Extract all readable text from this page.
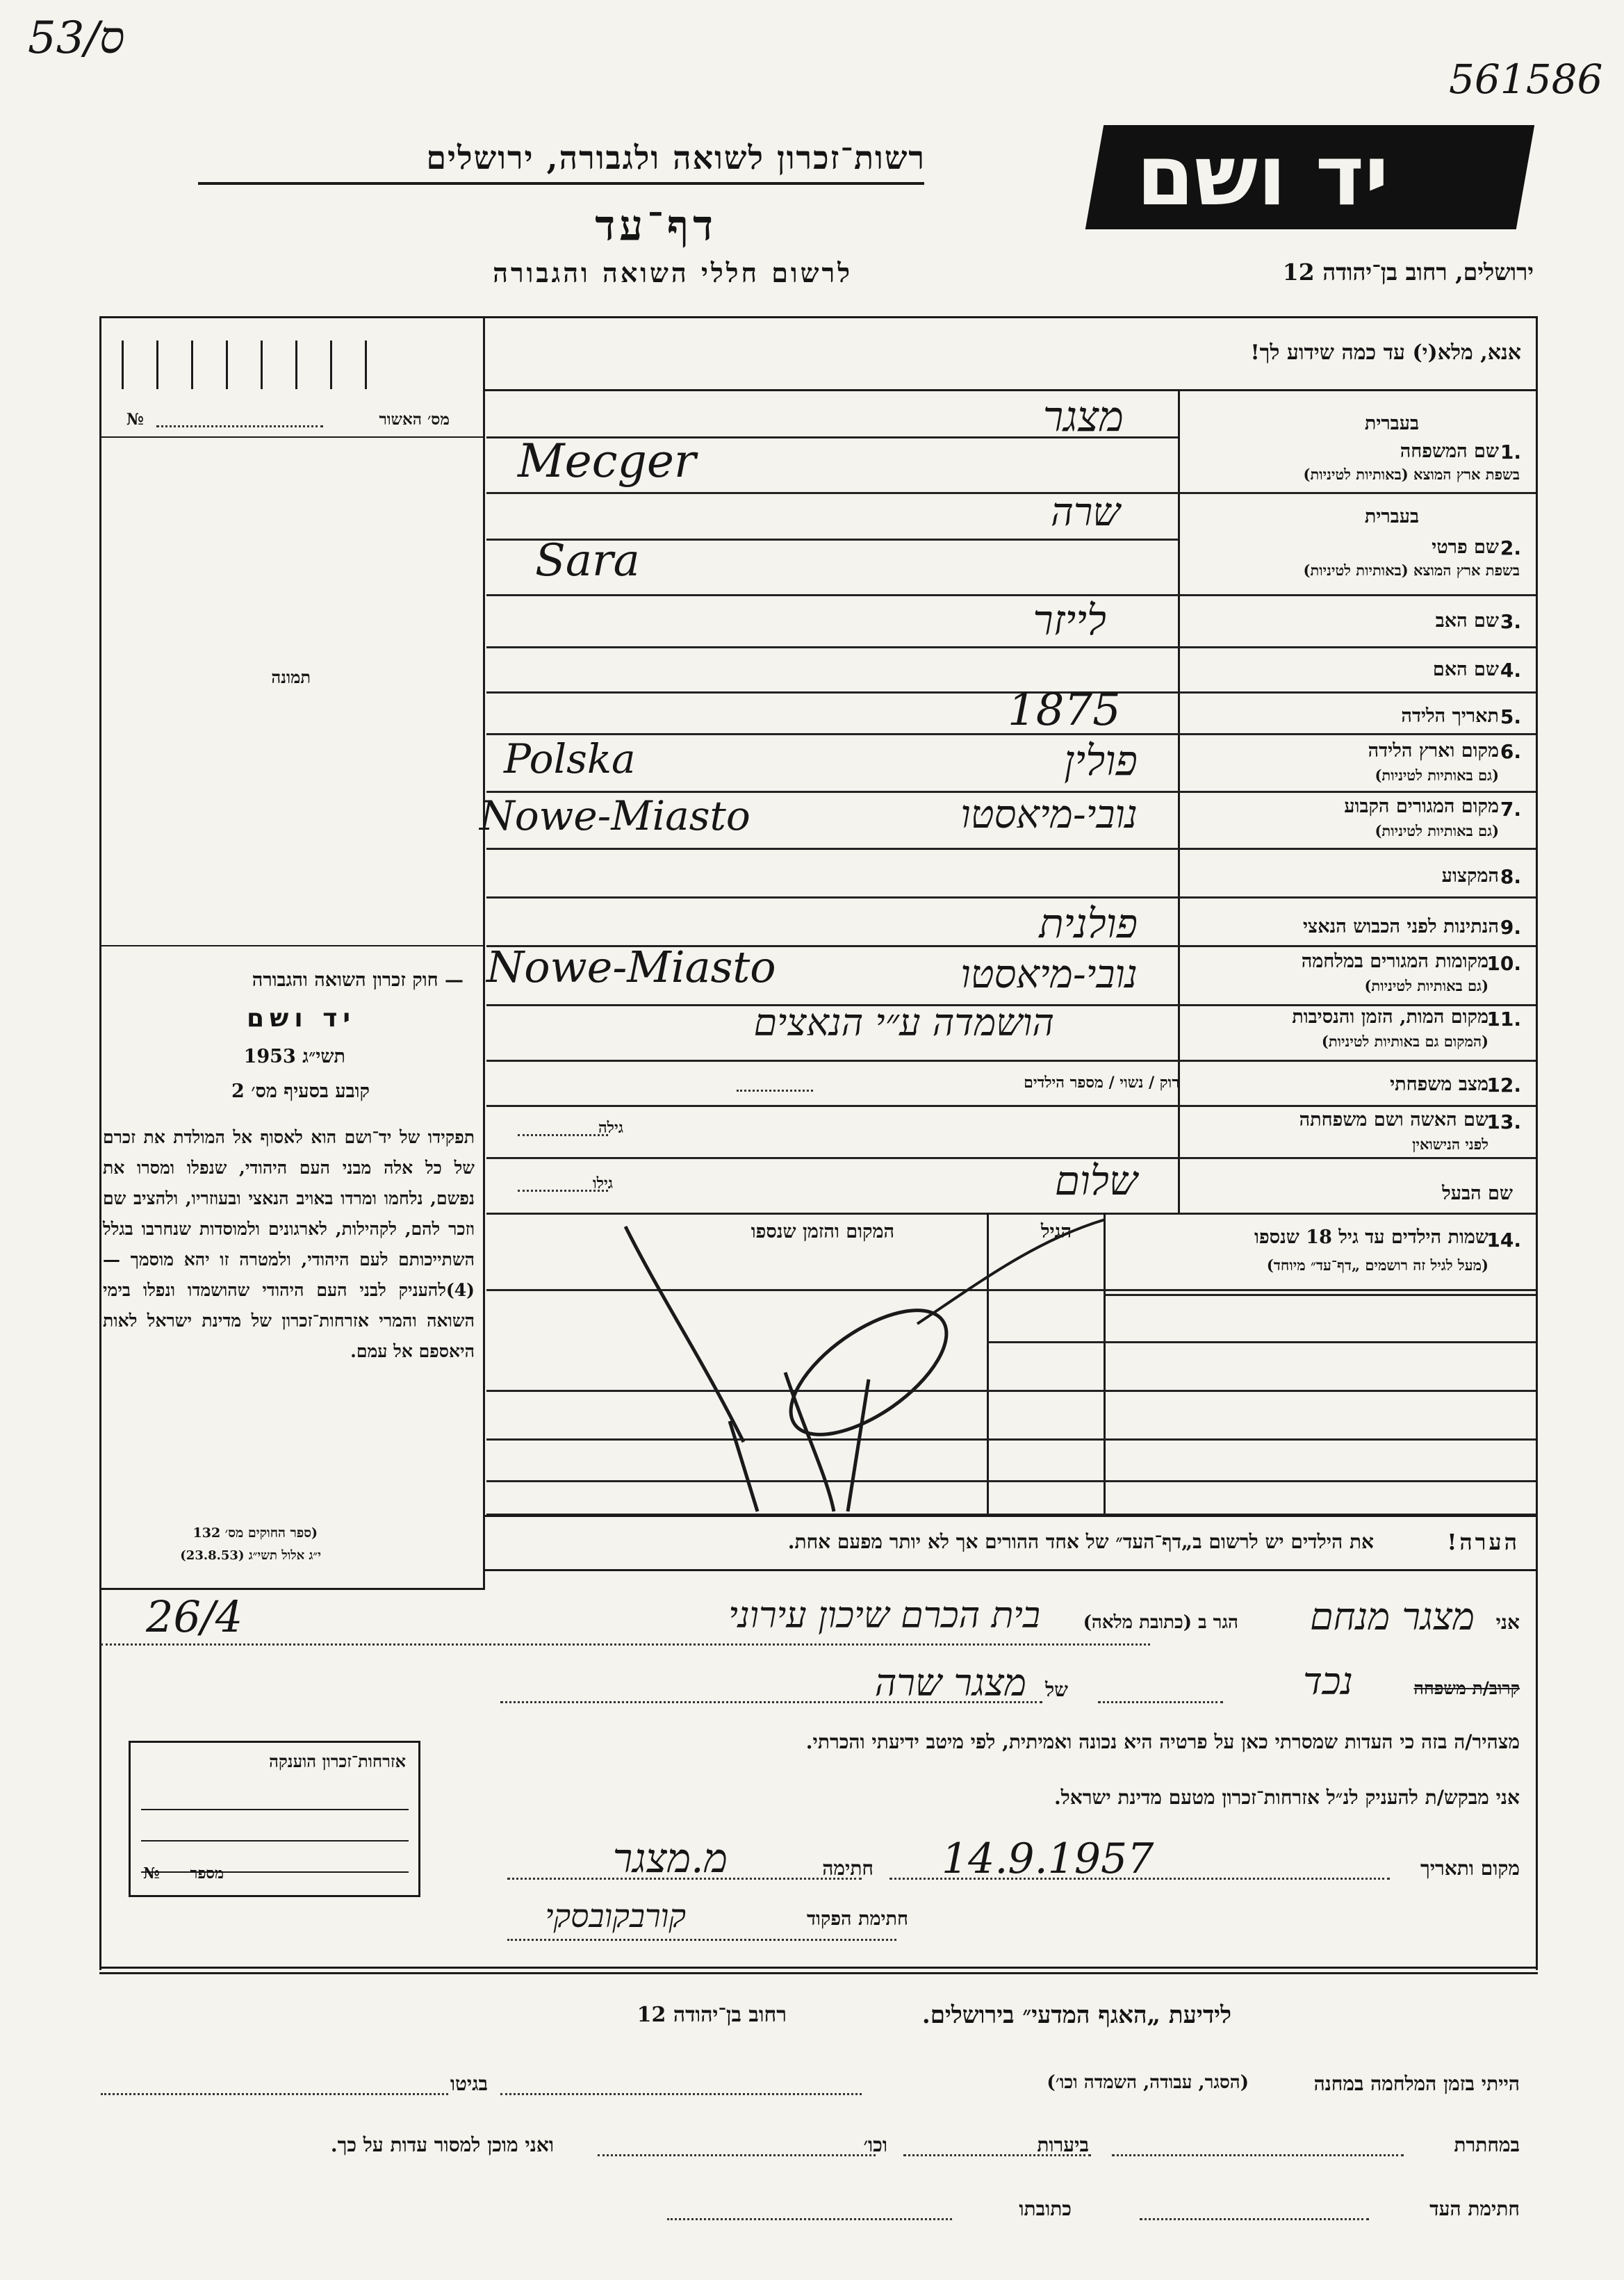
53/ס
561586
רשות־זכרון לשואה ולגבורה, ירושלים
דף־עד
לרשום חללי השואה והגבורה
יד ושם
ירושלים, רחוב בן־יהודה 12
מס׳ האשור
№
תמונה
— חוק זכרון השואה והגבורה
יד ושם
תשי״ג 1953
קובע בסעיף מס׳ 2

תפקידו של יד־ושם הוא לאסוף אל המולדת את זכרם של כל אלה מבני העם היהודי, שנפלו ומסרו את נפשם, נלחמו ומרדו באויב הנאצי ובעוזריו, ולהציב שם וזכר להם, לקהילות, לארגונים ולמוסדות שנחרבו בגלל השתייכותם לעם היהודי, ולמטרה זו יהא מוסמך — (4)להעניק לבני העם היהודי שהושמדו ונפלו בימי השואה והמרי אזרחות־זכרון של מדינת ישראל לאות היאספם אל עמם.

(ספר החוקים מס׳ 132
י״ג אלול תשי״ג (23.8.53)
אנא, מלא(י) עד כמה שידוע לך!
בעברית
.1
שם המשפחה
בשפת ארץ המוצא (באותיות לטיניות)
מצגר
Mecger
בעברית
.2
שם פרטי
בשפת ארץ המוצא (באותיות לטיניות)
שרה
Sara
.3
שם האב
לייזר
.4
שם האם
.5
תאריך הלידה
1875
.6
מקום וארץ הלידה
(גם באותיות לטיניות)
פולין
Polska
.7
מקום המגורים הקבוע
(גם באותיות לטיניות)
נובי-מיאסטו
Nowe-Miasto
.8
המקצוע
.9
הנתינות לפני הכבוש הנאצי
פולנית
.10
מקומות המגורים במלחמה
(גם באותיות לטיניות)
נובי-מיאסטו
Nowe-Miasto
.11
מקום המות, הזמן והנסיבות
(המקום גם באותיות לטיניות)
הושמדה ע״י הנאצים
.12
מצב משפחתי
רוק / נשוי / מספר הילדים
.13
שם האשה ושם משפחתה
לפני הנישואין
גילה
שם הבעל
שלום
גילו
.14
שמות הילדים עד גיל 18 שנספו
(מעל לגיל זה רושמים „דף־עד״ מיוחד)
הגיל
המקום והזמן שנספו
הערה!
את הילדים יש לרשום ב„דף־העד״ של אחד ההורים אך לא יותר מפעם אחת.
אני
מצגר מנחם
הגר ב (כתובת מלאה)
בית הכרם שיכון עירוני
26/4
קרוב/ת משפחה
נכד
של
מצגר שרה
מצהיר/ה בזה כי העדות שמסרתי כאן על פרטיה היא נכונה ואמיתית, לפי מיטב ידיעתי והכרתי.
אני מבקש/ת להעניק לנ״ל אזרחות־זכרון מטעם מדינת ישראל.
אזרחות־זכרון הוענקה
מספר
№	מקום ותאריך
14.9.1957
חתימה
מ.מצגר
חתימת הפקוד
קורבקובסקי
לידיעת „האגף המדעי״ בירושלים.
רחוב בן־יהודה 12
הייתי בזמן המלחמה במחנה
(הסגר, עבודה, השמדה וכו׳)
בגיטו
במחתרת
ביערות
וכו׳
ואני מוכן למסור עדות על כך.
חתימת העד
כתובתו
